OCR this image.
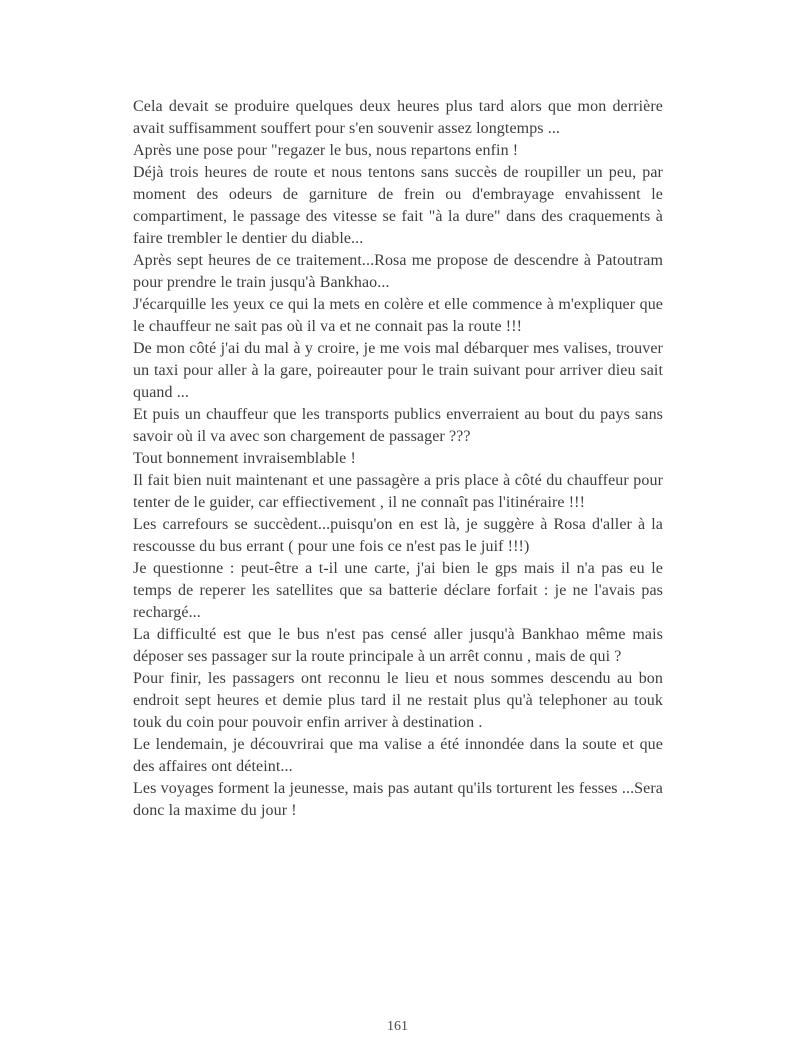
Cela devait se produire quelques deux heures plus tard alors que mon derrière avait suffisamment souffert pour s'en souvenir assez longtemps ...

Après une pose pour "regazer le bus, nous repartons enfin !

Déjà trois heures de route et nous tentons sans succès de roupiller un peu, par moment des odeurs de garniture de frein ou d'embrayage envahissent le compartiment, le passage des vitesse se fait "à la dure" dans des craquements à faire trembler le dentier du diable...

Après sept heures de ce traitement...Rosa me propose de descendre à Patoutram pour prendre le train jusqu'à Bankhao...

J'écarquille les yeux ce qui la mets en colère et elle commence à m'expliquer que le chauffeur ne sait pas où il va et ne connait pas la route !!!

De mon côté j'ai du mal à y croire, je me vois mal débarquer mes valises, trouver un taxi pour aller à la gare, poireauter pour le train suivant pour arriver dieu sait quand ...

Et puis un chauffeur que les transports publics enverraient au bout du pays sans savoir où il va avec son chargement de passager ???

Tout bonnement invraisemblable !

Il fait bien nuit maintenant et une passagère a pris place à côté du chauffeur pour tenter de le guider, car effiectivement , il ne connaît pas l'itinéraire !!!

Les carrefours se succèdent...puisqu'on en est là, je suggère à Rosa d'aller à la rescousse du bus errant ( pour une fois ce n'est pas le juif !!!)

Je questionne : peut-être a t-il une carte, j'ai bien le gps mais il n'a pas eu le temps de reperer les satellites que sa batterie déclare forfait : je ne l'avais pas rechargé...

La difficulté est que le bus n'est pas censé aller jusqu'à Bankhao même mais déposer ses passager sur la route principale à un arrêt connu , mais de qui ?

Pour finir, les passagers ont reconnu le lieu et nous sommes descendu au bon endroit sept heures et demie plus tard il ne restait plus qu'à telephoner au touk touk du coin pour pouvoir enfin arriver à destination .

Le lendemain, je découvrirai que ma valise a été innondée dans la soute et que des affaires ont déteint...

Les voyages forment la jeunesse, mais pas autant qu'ils torturent les fesses ...Sera donc la maxime du jour !

161
